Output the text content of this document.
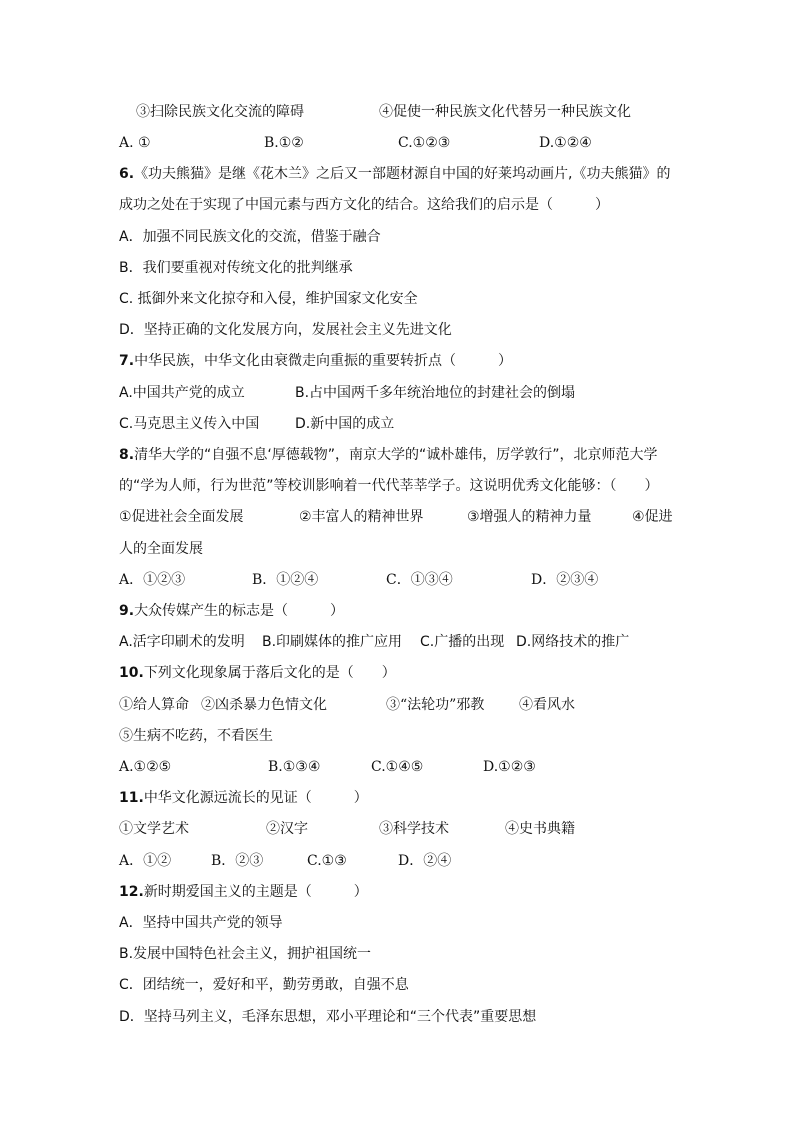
③扫除民族文化交流的障碍	④促使一种民族文化代替另一种民族文化
A. ①	B.①②	C.①②③	D.①②④
6.《功夫熊猫》是继《花木兰》之后又一部题材源自中国的好莱坞动画片,《功夫熊猫》的
成功之处在于实现了中国元素与西方文化的结合。这给我们的启示是（　　　）
A．加强不同民族文化的交流，借鉴于融合
B．我们要重视对传统文化的批判继承
C. 抵御外来文化掠夺和入侵，维护国家文化安全
D．坚持正确的文化发展方向，发展社会主义先进文化
7.中华民族，中华文化由衰微走向重振的重要转折点（　　　）
A.中国共产党的成立	B.占中国两千多年统治地位的封建社会的倒塌
C.马克思主义传入中国	D.新中国的成立
8.清华大学的“自强不息‘厚德载物”，南京大学的“诚朴雄伟，厉学敦行”，北京师范大学
的“学为人师，行为世范”等校训影响着一代代莘莘学子。这说明优秀文化能够：（　　）
①促进社会全面发展	②丰富人的精神世界	③增强人的精神力量	④促进
人的全面发展
A．①②③	B．①②④	C．①③④	D．②③④
9.大众传媒产生的标志是（　　　）
A.活字印刷术的发明 B.印刷媒体的推广应用 C.广播的出现 D.网络技术的推广
10.下列文化现象属于落后文化的是（　　）
①给人算命 ②凶杀暴力色情文化	③“法轮功”邪教 ④看风水
⑤生病不吃药，不看医生
A.①②⑤	B.①③④	C.①④⑤	D.①②③
11.中华文化源远流长的见证（　　　）
①文学艺术	②汉字	③科学技术	④史书典籍
A．①②	B．②③	C.①③	D．②④
12.新时期爱国主义的主题是（　　　）
A．坚持中国共产党的领导
B.发展中国特色社会主义，拥护祖国统一
C．团结统一，爱好和平，勤劳勇敢，自强不息
D．坚持马列主义，毛泽东思想，邓小平理论和“三个代表”重要思想
